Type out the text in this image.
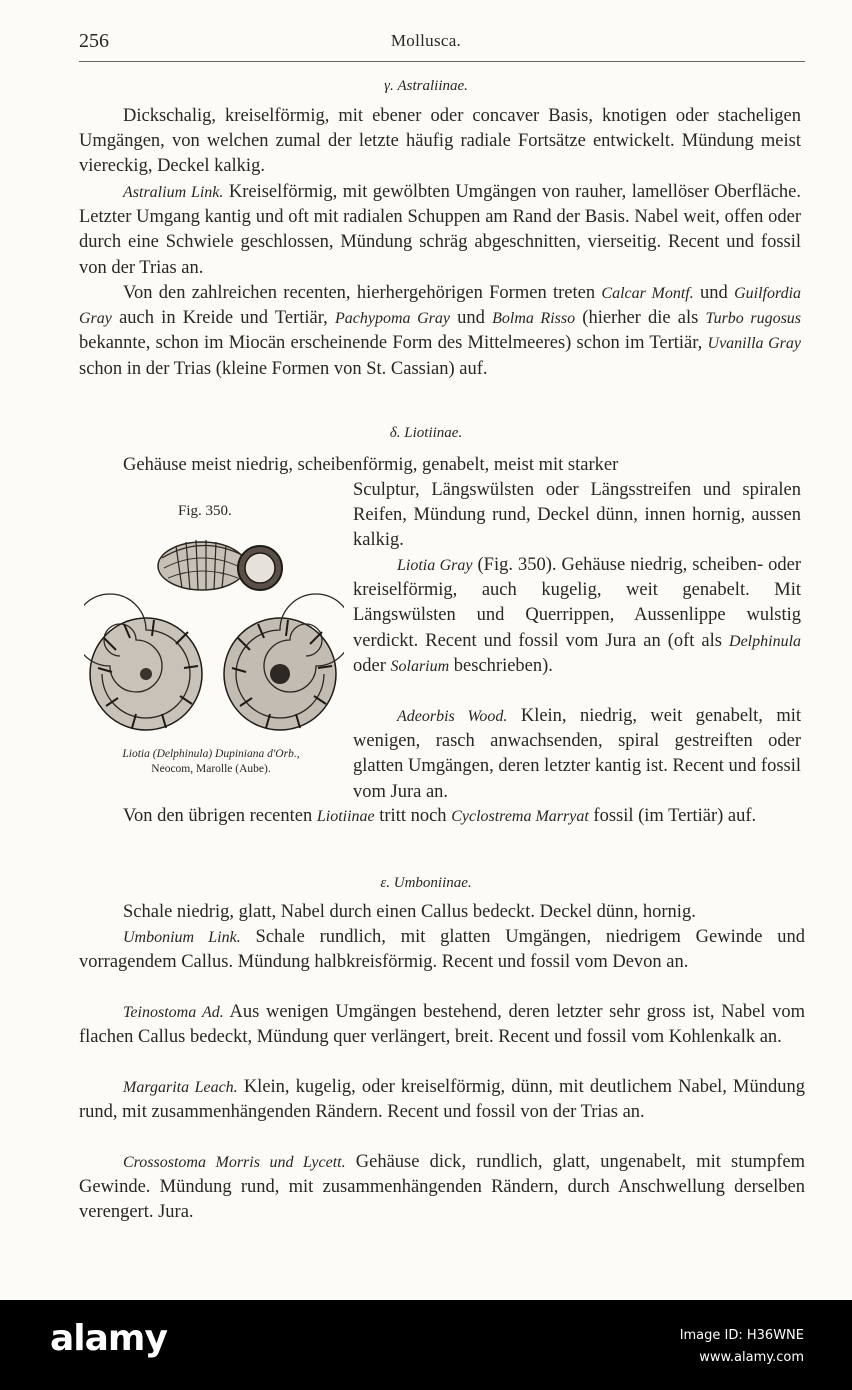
256	Mollusca.
γ. Astraliinae.

Dickschalig, kreiselförmig, mit ebener oder concaver Basis, knotigen oder stacheligen Umgängen, von welchen zumal der letzte häufig radiale Fortsätze entwickelt. Mündung meist viereckig, Deckel kalkig.

Astralium Link. Kreiselförmig, mit gewölbten Umgängen von rauher, lamellöser Oberfläche. Letzter Umgang kantig und oft mit radialen Schuppen am Rand der Basis. Nabel weit, offen oder durch eine Schwiele geschlossen, Mündung schräg abgeschnitten, vierseitig. Recent und fossil von der Trias an.

Von den zahlreichen recenten, hierhergehörigen Formen treten Calcar Montf. und Guilfordia Gray auch in Kreide und Tertiär, Pachypoma Gray und Bolma Risso (hierher die als Turbo rugosus bekannte, schon im Miocän erscheinende Form des Mittelmeeres) schon im Tertiär, Uvanilla Gray schon in der Trias (kleine Formen von St. Cassian) auf.

δ. Liotiinae.

Gehäuse meist niedrig, scheibenförmig, genabelt, meist mit starker

Sculptur, Längswülsten oder Längsstreifen und spiralen Reifen, Mündung rund, Deckel dünn, innen hornig, aussen kalkig.

Liotia Gray (Fig. 350). Gehäuse niedrig, scheiben- oder kreiselförmig, auch kugelig, weit genabelt. Mit Längswülsten und Querrippen, Aussenlippe wulstig verdickt. Recent und fossil vom Jura an (oft als Delphinula oder Solarium beschrieben).

Adeorbis Wood. Klein, niedrig, weit genabelt, mit wenigen, rasch anwachsenden, spiral gestreiften oder glatten Umgängen, deren letzter kantig ist. Recent und fossil vom Jura an.

Von den übrigen recenten Liotiinae tritt noch Cyclostrema Marryat fossil (im Tertiär) auf.

Fig. 350.
Liotia (Delphinula) Dupiniana d'Orb.,
Neocom, Marolle (Aube).
ε. Umboniinae.

Schale niedrig, glatt, Nabel durch einen Callus bedeckt. Deckel dünn, hornig.

Umbonium Link. Schale rundlich, mit glatten Umgängen, niedrigem Gewinde und vorragendem Callus. Mündung halbkreisförmig. Recent und fossil vom Devon an.

Teinostoma Ad. Aus wenigen Umgängen bestehend, deren letzter sehr gross ist, Nabel vom flachen Callus bedeckt, Mündung quer verlängert, breit. Recent und fossil vom Kohlenkalk an.

Margarita Leach. Klein, kugelig, oder kreiselförmig, dünn, mit deutlichem Nabel, Mündung rund, mit zusammenhängenden Rändern. Recent und fossil von der Trias an.

Crossostoma Morris und Lycett. Gehäuse dick, rundlich, glatt, ungenabelt, mit stumpfem Gewinde. Mündung rund, mit zusammenhängenden Rändern, durch Anschwellung derselben verengert. Jura.

alamy	Image ID: H36WNE
www.alamy.com
